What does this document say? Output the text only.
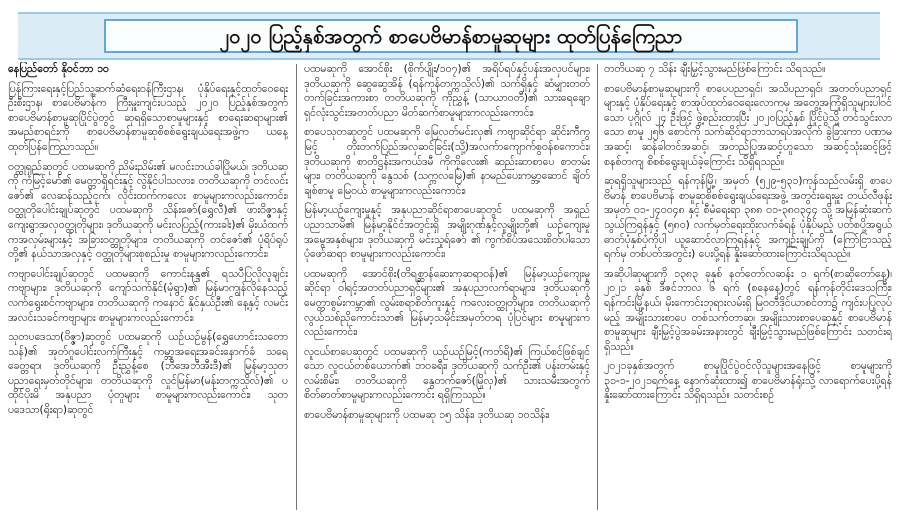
၂၀၂၀ ပြည့်နှစ်အတွက် စာပေဗိမာန်စာမူဆုများ ထုတ်ပြန်ကြေညာ

နေပြည်တော် နိုဝင်ဘာ ၁၀

ပြန်ကြားရေးနှင့်ပြည်သူ့ဆက်ဆံရေးဝန်ကြီးဌာန၊ ပုံနှိပ်ရေးနှင့်ထုတ်ဝေရေးဦးစီးဌာန၊ စာပေဗိမာန်က ကြီးမှူးကျင်းပသည့် ၂၀၂၀ ပြည့်နှစ်အတွက် စာပေဗိမာန်စာမူဆုပြိုင်ပွဲတွင် ဆုရရှိသောစာမူများနှင့် စာရေးဆရာများ၏ အမည်စာရင်းကို စာပေဗိမာန်စာမူဆုစိစစ်ရွေးချယ်ရေးအဖွဲ့က ယနေ့ထုတ်ပြန်ကြေညာသည်။

ဝတ္ထုရှည်ဆုတွင် ပထမဆုကို ညိမ်းညိမ်း၏ မလင်းဘယ်ခါပြိုမယ်၊ ဒုတိယဆုကို ကံမြင့်မော်၏ မေတ္တာရှိရင်းနှင့် လွဲနိုင်ပါသလား၊ တတိယဆုကို တင်လင်းဇော်၏ လေဆန်သည့်ငှက်၊ လိုင်းထက်ကလေး စာမူများကလည်းကောင်း၊ ဝတ္ထုတိုပေါင်းချုပ်ဆုတွင် ပထမဆုကို သိန်းဇော်(ရွှေလီ)၏ ဖားဝိဇ္ဇာနှင့် ကျေးရွာအလှဝတ္ထုတိုများ၊ ဒုတိယဆုကို မင်းလပြည့်(ကားခါး)၏ မိုးယံထက်ကအလှမ်းများနှင့် အခြားဝတ္ထုတိုများ၊ တတိယဆုကို တင်ဇော်၏ ပုံရိပ်ရုပ်တို့၏ နယ်သာအလှနှင့် ဝတ္ထုတိုများစုစည်းမှု စာမူများကလည်းကောင်း၊

ကဗျာပေါင်းချုပ်ဆုတွင် ပထမဆုကို ကောင်းနန္ဒ၏ ရသပီပြလိုလူချင်း ကဗျာများ၊ ဒုတိယဆုကို ကျော်သက်နိုင်(မုံရွာ)၏ မြန်မာကျွန်လိုနေသည့် လက်ရွေးစင်ကဗျာများ၊ တတိယဆုကို ကနောင် နိုင်နှယ်ဦး၏ နေ့နှင့် လမင်းအလင်းသခင်ကဗျာများ စာမူများကလည်းကောင်း၊

သုတပဒေသာ(ဝိဇ္ဇာ)ဆုတွင် ပထမဆုကို ယဉ်ယဉ်မွန်(ရွှေဟောင်းသတော သန်)၏ အုတ်ဂူပေါင်းလက်ကြီးနှင့် ကမ္ဘာ့အရေးအခင်းနောက်ခံ သရေ ခေတ္တရာ၊ ဒုတိယဆုကို ဦးညွှန့်စေ (ဘီအေဘီအီးဒီ)၏ မြန်မာ့သုတ ပညာရေးမှတ်တိုင်များ၊ တတိယဆုကို လှုင်မြန်မာ(မန်းတက္ကသိုလ်)၏ ပထိုင်ပိုးမိ အနုပညာ ပုံတူများ စာမူများကလည်းကောင်း၊ သုတပဒေသာ(ရိုးရာ)ဆုတွင်

ပထမဆုကို အောင်စိုး (စိုက်ပျိုး/၁၀၇)၏ အရိပ်ရပ်နှင့်ပန်းအလှပင်များ၊ ဒုတိယဆုကို ဆွေဆွေအိန် (ရန်ကုန်တက္ကသိုလ်)၏ သက်ရှိနှင့် ဆံမျှားတတ်တက်ခြင်းအကားစာ တတိယဆုကို ကိုညွှန့် (သာယာဝတီ)၏ သားရေချော ရှင်လုံးသွင်းအတတ်ပညာ မိတ်ဆက်စာမူများကလည်းကောင်း၊

စာပေသုတဆုတွင် ပထမဆုကို မြေလတ်မင်းလှ၏ ကဗျာဆိုင်ရာ ဆိုင်းကီကွမြင့် တိုးတက်ပြည်အလှဆင်ခြင်း(သို့)အလက်ာကျောက်စွဝန်စကောင်း၊ ဒုတိယဆုကို စာတိဋ္ဌန်းအကယ်ဒမီ ကိုကိုလေး၏ ဆည်းဆာစာပေ စာတမ်းများ၊ တတိယဆုကို နွေသစ် (သက္ကလမြေ)၏ နာမည်ပေးကမ္ဘာ့ဆောင် ချိတ်ချစ်စာမူ မြေဝယ် စာမူများကလည်းကောင်း၊

မြန်မာ့ယဉ်ကျေးမှုနှင့် အနုပညာဆိုင်ရာစာပေဆုတွင် ပထမဆုကို အရှည်ပညာသာမိ၏ မြန်မာ့နိုင်ငံအတွင်းရှိ အမျိုးဂုဏ်နှင့်လူမျိုးတို့၏ ယဉ်ကျေးမှုအမွေအနှစ်များ၊ ဒုတိယဆုကို မင်းသူရ်ဇော် ၏ ကွက်စိပ်အသေးစိတ်ပါသော ပုံဖော်ဆရာ စာမူများကလည်းကောင်း၊

ပထမဆုကို အောင်စိုး(တိရစ္ဆာန်ဆေးကုဆရာဝန်)၏ မြန်မာ့ယဉ်ကျေးမှုဆိုင်ရာ ဝါရင့်အတတ်ပညာရှင်များ၏ အနုပညာလက်ရာများ၊ ဒုတိယဆုကို မေတ္တာစွမ်းကမ္ဘာ၏ လွမ်းစရာစိတ်ကူးနှင့် ကလေးဝတ္ထုတိုများ၊ တတိယဆုကို လွယ်သစ်ညိုကောင်းသာ၏ မြန်မာ့သမိုင်းအမှတ်တရ ပုံပြင်များ စာမူများကလည်းကောင်း၊

လူငယ်စာပေဆုတွင် ပထမဆုကို ယဉ်ယဉ်မြင့်(ကဘ်ရိ)၏ ကြယ်စင်ဖြစ်ချင်သော လူငယ်တစ်ယောက်၏ ဘဝခရီး၊ ဒုတိယဆုကို သက်ဦး၏ ပန်းတမ်းနှင့်လမ်းစိမ်း၊ တတိယဆုကို နွေတက်ဇော်(မြိုလှ)၏ သားသမီးအတွက် စိတ်ဓာတ်စာမူများကလည်းကောင်း ရရှိကြသည်။

စာပေဗိမာန်စာမူဆုများကို ပထမဆု ၁၅ သိန်း၊ ဒုတိယဆု ၁၀သိန်း၊

တတိယဆု ၇ သိန်း ချီးမြှင့်သွားမည်ဖြစ်ကြောင်း သိရသည်။

စာပေဗိမာန်စာမူဆုများကို စာပေပညာရှင်၊ အသိပညာရှင်၊ အတတ်ပညာရှင်များနှင့် ပုံနှိပ်ရေးနှင့် စာအုပ်ထုတ်ဝေရေးလောကမှ အတွေ့အကြုံရှိသူများပါဝင်သော ပုဂ္ဂိုလ် ၂၄ ဦးဖြင့် ဖွဲ့စည်းထားပြီး ၂၀၂၀ပြည့်နှစ် ပြိုင်ပွဲသို့ တင်သွင်းလာသော စာမူ ၂၅၆ စောင်ကို သက်ဆိုင်ရာဘာသာရပ်အလိုက် ခွဲခြားကာ ပဏာမအဆင့်၊ ဆန်ခါတင်အဆင့်၊ အတည်ပြုအဆင့်ဟူသော အဆင့်သုံးဆင့်ဖြင့် စနစ်တကျ စိစစ်ရွေးချယ်ခဲ့ကြောင်း သိရှိရသည်။

ဆုရရှိသူများသည် ရန်ကုန်မြို့၊ အမှတ် (၅၂၉-၅၃၁)ကုန်သည်လမ်းရှိ စာပေဗိမာန် စာပေဗိမာန် စာမူဆုစိစစ်ရွေးချယ်ရေးအဖွဲ့ အတွင်းရေးမှူး တယ်လီဖုန်းအမှတ် ၀၁-၂၄၀၀၄၈ နှင့် စီမံရေးရာ ၃၈၈ ၀၁-၃၈၀၃၄၄ သို့ အမြန်ဆုံးဆက်သွယ်ကြရန်နှင့် (၅၈၀) လက်မှတ်ရေးထိုးလက်ခံရန် ပုံနှိပ်မည့် ပတ်စပို့အရွယ် ဓာတ်ပုံနှစ်ပုံကိုပါ ယူဆောင်လာကြရန်နှင့် အကျဉ်းချုပ်ကို (ကြော်ငြာသည့်ရက်မှ တစ်ပတ်အတွင်း) ပေးပို့ရန် နှိုးဆော်ထားကြောင်းသိရသည်။

အဆိုပါဆုများကို ၁၃၈၃ ခုနှစ် နတ်တော်လဆန်း ၁ ရက်(စာဆိုတော်နေ့)၊ ၂၀၂၁ ခုနှစ် ဒီဇင်ဘာလ ၆ ရက် (စနေနေ့)တွင် ရန်ကုန်တိုင်းဒေသကြီး၊ ရန်ကင်းမြို့နယ်၊ မိုးကောင်းဘုရားလမ်းရှိ မြဝတီဒိုင်ယာစင်တာ၌ ကျင်းပပြုလုပ်မည့် အမျိုးသားစာပေ တစ်သက်တာဆု၊ အမျိုးသားစာပေဆုနှင့် စာပေဗိမာန် စာမူဆုများ ချီးမြှင့်ပွဲအခမ်းအနားတွင် ချီးမြှင့်သွားမည်ဖြစ်ကြောင်း သတင်းရရှိသည်။

၂၀၂၁ခုနှစ်အတွက် စာမူပြိုင်ပွဲဝင်လိုသူများအနေဖြင့် စာမူများကို ၃၁-၁-၂၀၂၁ရက်နေ့ နောက်ဆုံးထား၍ စာပေဗိမာန်ရုံးသို့ လာရောက်ပေးပို့ရန် နှိုးဆော်ထားကြောင်း သိရှိရသည်။ သတင်းစဉ်
